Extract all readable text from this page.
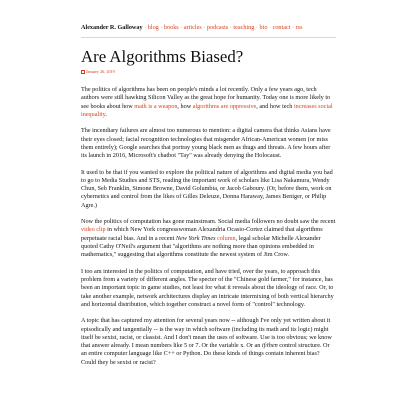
Alexander R. Galloway · blog · books · articles · podcasts · teaching · bio · contact · rss
Are Algorithms Biased?
January 26, 2019

The politics of algorithms has been on people's minds a lot recently. Only a few years ago, tech authors were still hawking Silicon Valley as the great hope for humanity. Today one is more likely to see books about how math is a weapon, how algorithms are oppressive, and how tech increases social inequality.

The incendiary failures are almost too numerous to mention: a digital camera that thinks Asians have their eyes closed; facial recognition technologies that misgender African-American women (or miss them entirely); Google searches that portray young black men as thugs and threats. A few hours after its launch in 2016, Microsoft's chatbot "Tay" was already denying the Holocaust.

It used to be that if you wanted to explore the political nature of algorithms and digital media you had to go to Media Studies and STS, reading the important work of scholars like Lisa Nakamura, Wendy Chun, Seb Franklin, Simone Browne, David Golumbia, or Jacob Gaboury. (Or, before them, work on cybernetics and control from the likes of Gilles Deleuze, Donna Haraway, James Beniger, or Philip Agre.)

Now the politics of computation has gone mainstream. Social media followers no doubt saw the recent video clip in which New York congresswoman Alexandria Ocasio-Cortez claimed that algorithms perpetuate racial bias. And in a recent New York Times column, legal scholar Michelle Alexander quoted Cathy O'Neil's argument that "algorithms are nothing more than opinions embedded in mathematics," suggesting that algorithms constitute the newest system of Jim Crow.

I too am interested in the politics of computation, and have tried, over the years, to approach this problem from a variety of different angles. The specter of the "Chinese gold farmer," for instance, has been an important topic in game studies, not least for what it reveals about the ideology of race. Or, to take another example, network architectures display an intricate intermixing of both vertical hierarchy and horizontal distribution, which together construct a novel form of "control" technology.

A topic that has captured my attention for several years now -- although I've only yet written about it episodically and tangentially -- is the way in which software (including its math and its logic) might itself be sexist, racist, or classist. And I don't mean the uses of software. Use is too obvious; we know that answer already. I mean numbers like 5 or 7. Or the variable x. Or an if/then control structure. Or an entire computer language like C++ or Python. Do these kinds of things contain inherent bias? Could they be sexist or racist?
